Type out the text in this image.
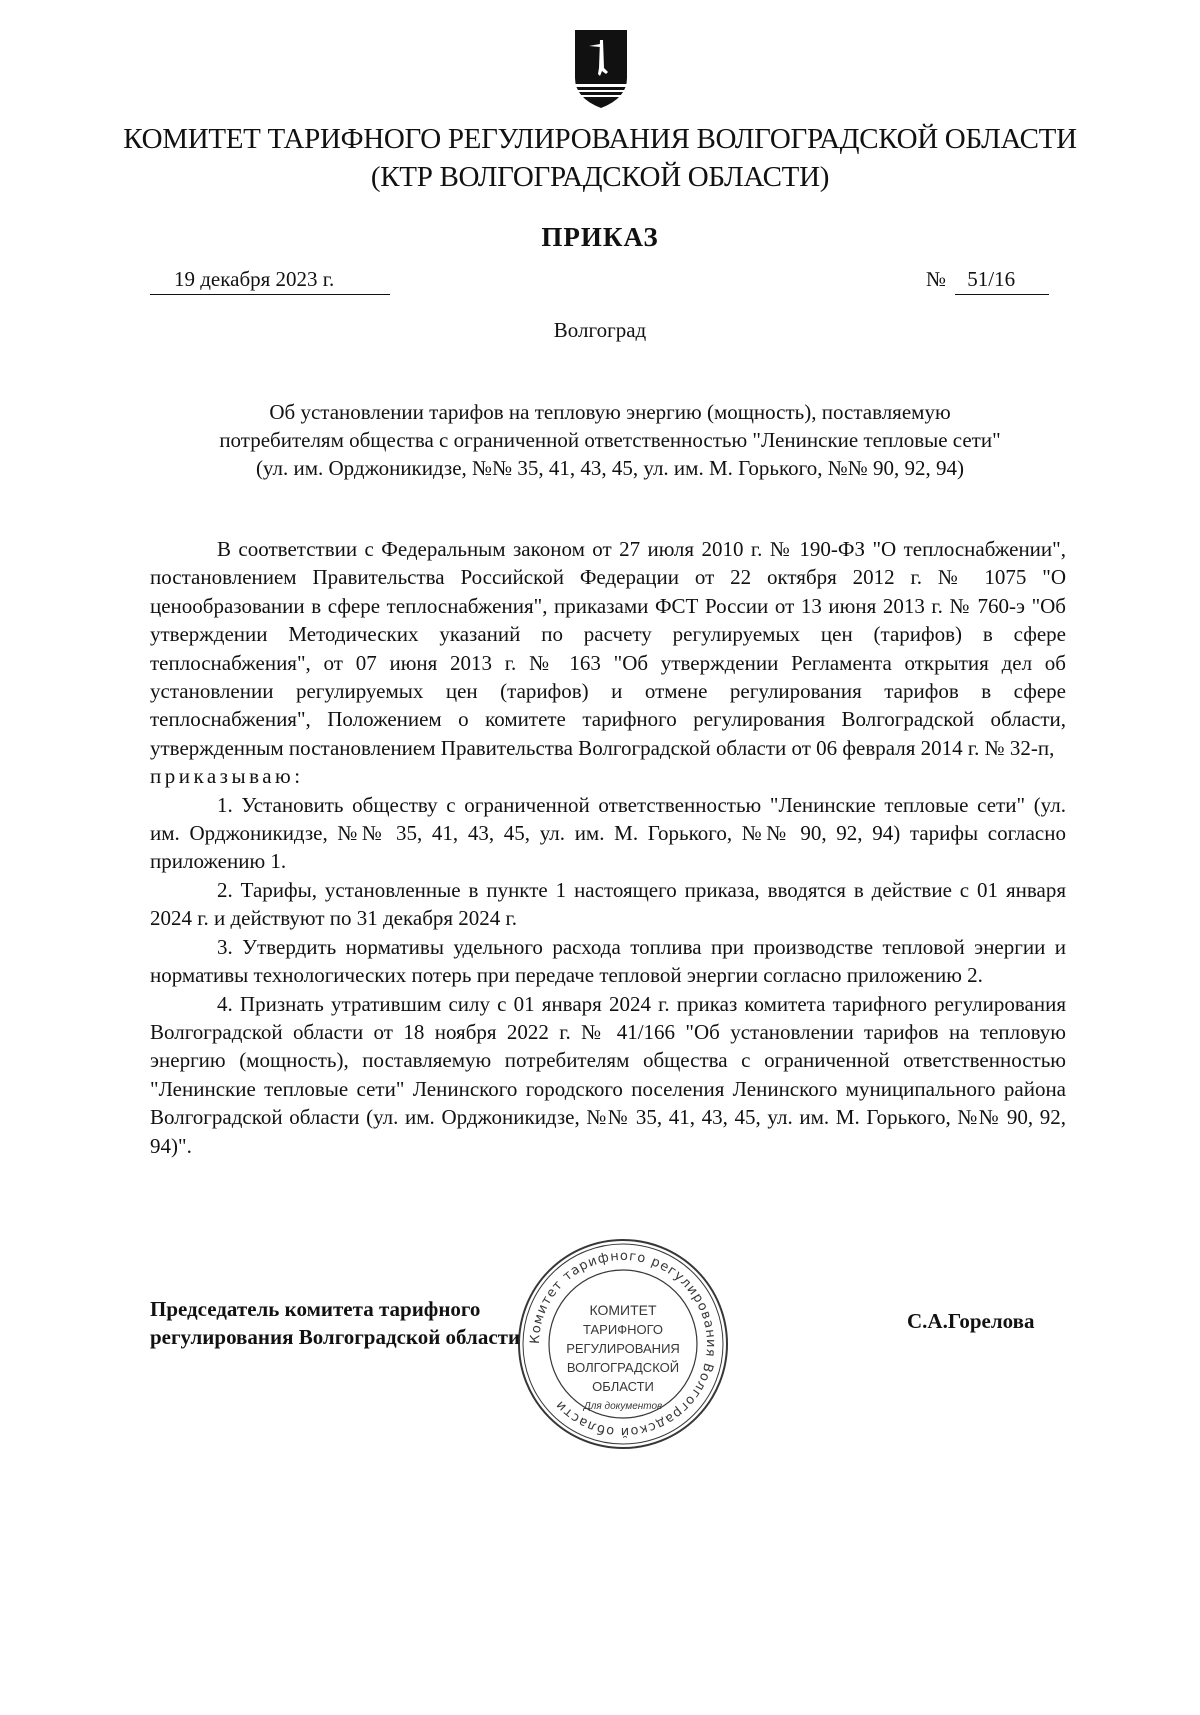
КОМИТЕТ ТАРИФНОГО РЕГУЛИРОВАНИЯ ВОЛГОГРАДСКОЙ ОБЛАСТИ
(КТР ВОЛГОГРАДСКОЙ ОБЛАСТИ)
ПРИКАЗ
19 декабря 2023 г.	№ 51/16
Волгоград
Об установлении тарифов на тепловую энергию (мощность), поставляемую
потребителям общества с ограниченной ответственностью "Ленинские тепловые сети"
(ул. им. Орджоникидзе, №№ 35, 41, 43, 45, ул. им. М. Горького, №№ 90, 92, 94)

В соответствии с Федеральным законом от 27 июля 2010 г. № 190-ФЗ "О теплоснабжении", постановлением Правительства Российской Федерации от 22 октября 2012 г. № 1075 "О ценообразовании в сфере теплоснабжения", приказами ФСТ России от 13 июня 2013 г. № 760-э "Об утверждении Методических указаний по расчету регулируемых цен (тарифов) в сфере теплоснабжения", от 07 июня 2013 г. № 163 "Об утверждении Регламента открытия дел об установлении регулируемых цен (тарифов) и отмене регулирования тарифов в сфере теплоснабжения", Положением о комитете тарифного регулирования Волгоградской области, утвержденным постановлением Правительства Волгоградской области от 06 февраля 2014 г. № 32-п,

приказываю:

1. Установить обществу с ограниченной ответственностью "Ленинские тепловые сети" (ул. им. Орджоникидзе, №№ 35, 41, 43, 45, ул. им. М. Горького, №№ 90, 92, 94) тарифы согласно приложению 1.

2. Тарифы, установленные в пункте 1 настоящего приказа, вводятся в действие с 01 января 2024 г. и действуют по 31 декабря 2024 г.

3. Утвердить нормативы удельного расхода топлива при производстве тепловой энергии и нормативы технологических потерь при передаче тепловой энергии согласно приложению 2.

4. Признать утратившим силу с 01 января 2024 г. приказ комитета тарифного регулирования Волгоградской области от 18 ноября 2022 г. № 41/166 "Об установлении тарифов на тепловую энергию (мощность), поставляемую потребителям общества с ограниченной ответственностью "Ленинские тепловые сети" Ленинского городского поселения Ленинского муниципального района Волгоградской области (ул. им. Орджоникидзе, №№ 35, 41, 43, 45, ул. им. М. Горького, №№ 90, 92, 94)".

Председатель комитета тарифного
регулирования Волгоградской области Комитет тарифного регулирования Волгоградской области
КОМИТЕТ
ТАРИФНОГО
РЕГУЛИРОВАНИЯ
ВОЛГОГРАДСКОЙ
ОБЛАСТИ
Для документов
С.А.Горелова
